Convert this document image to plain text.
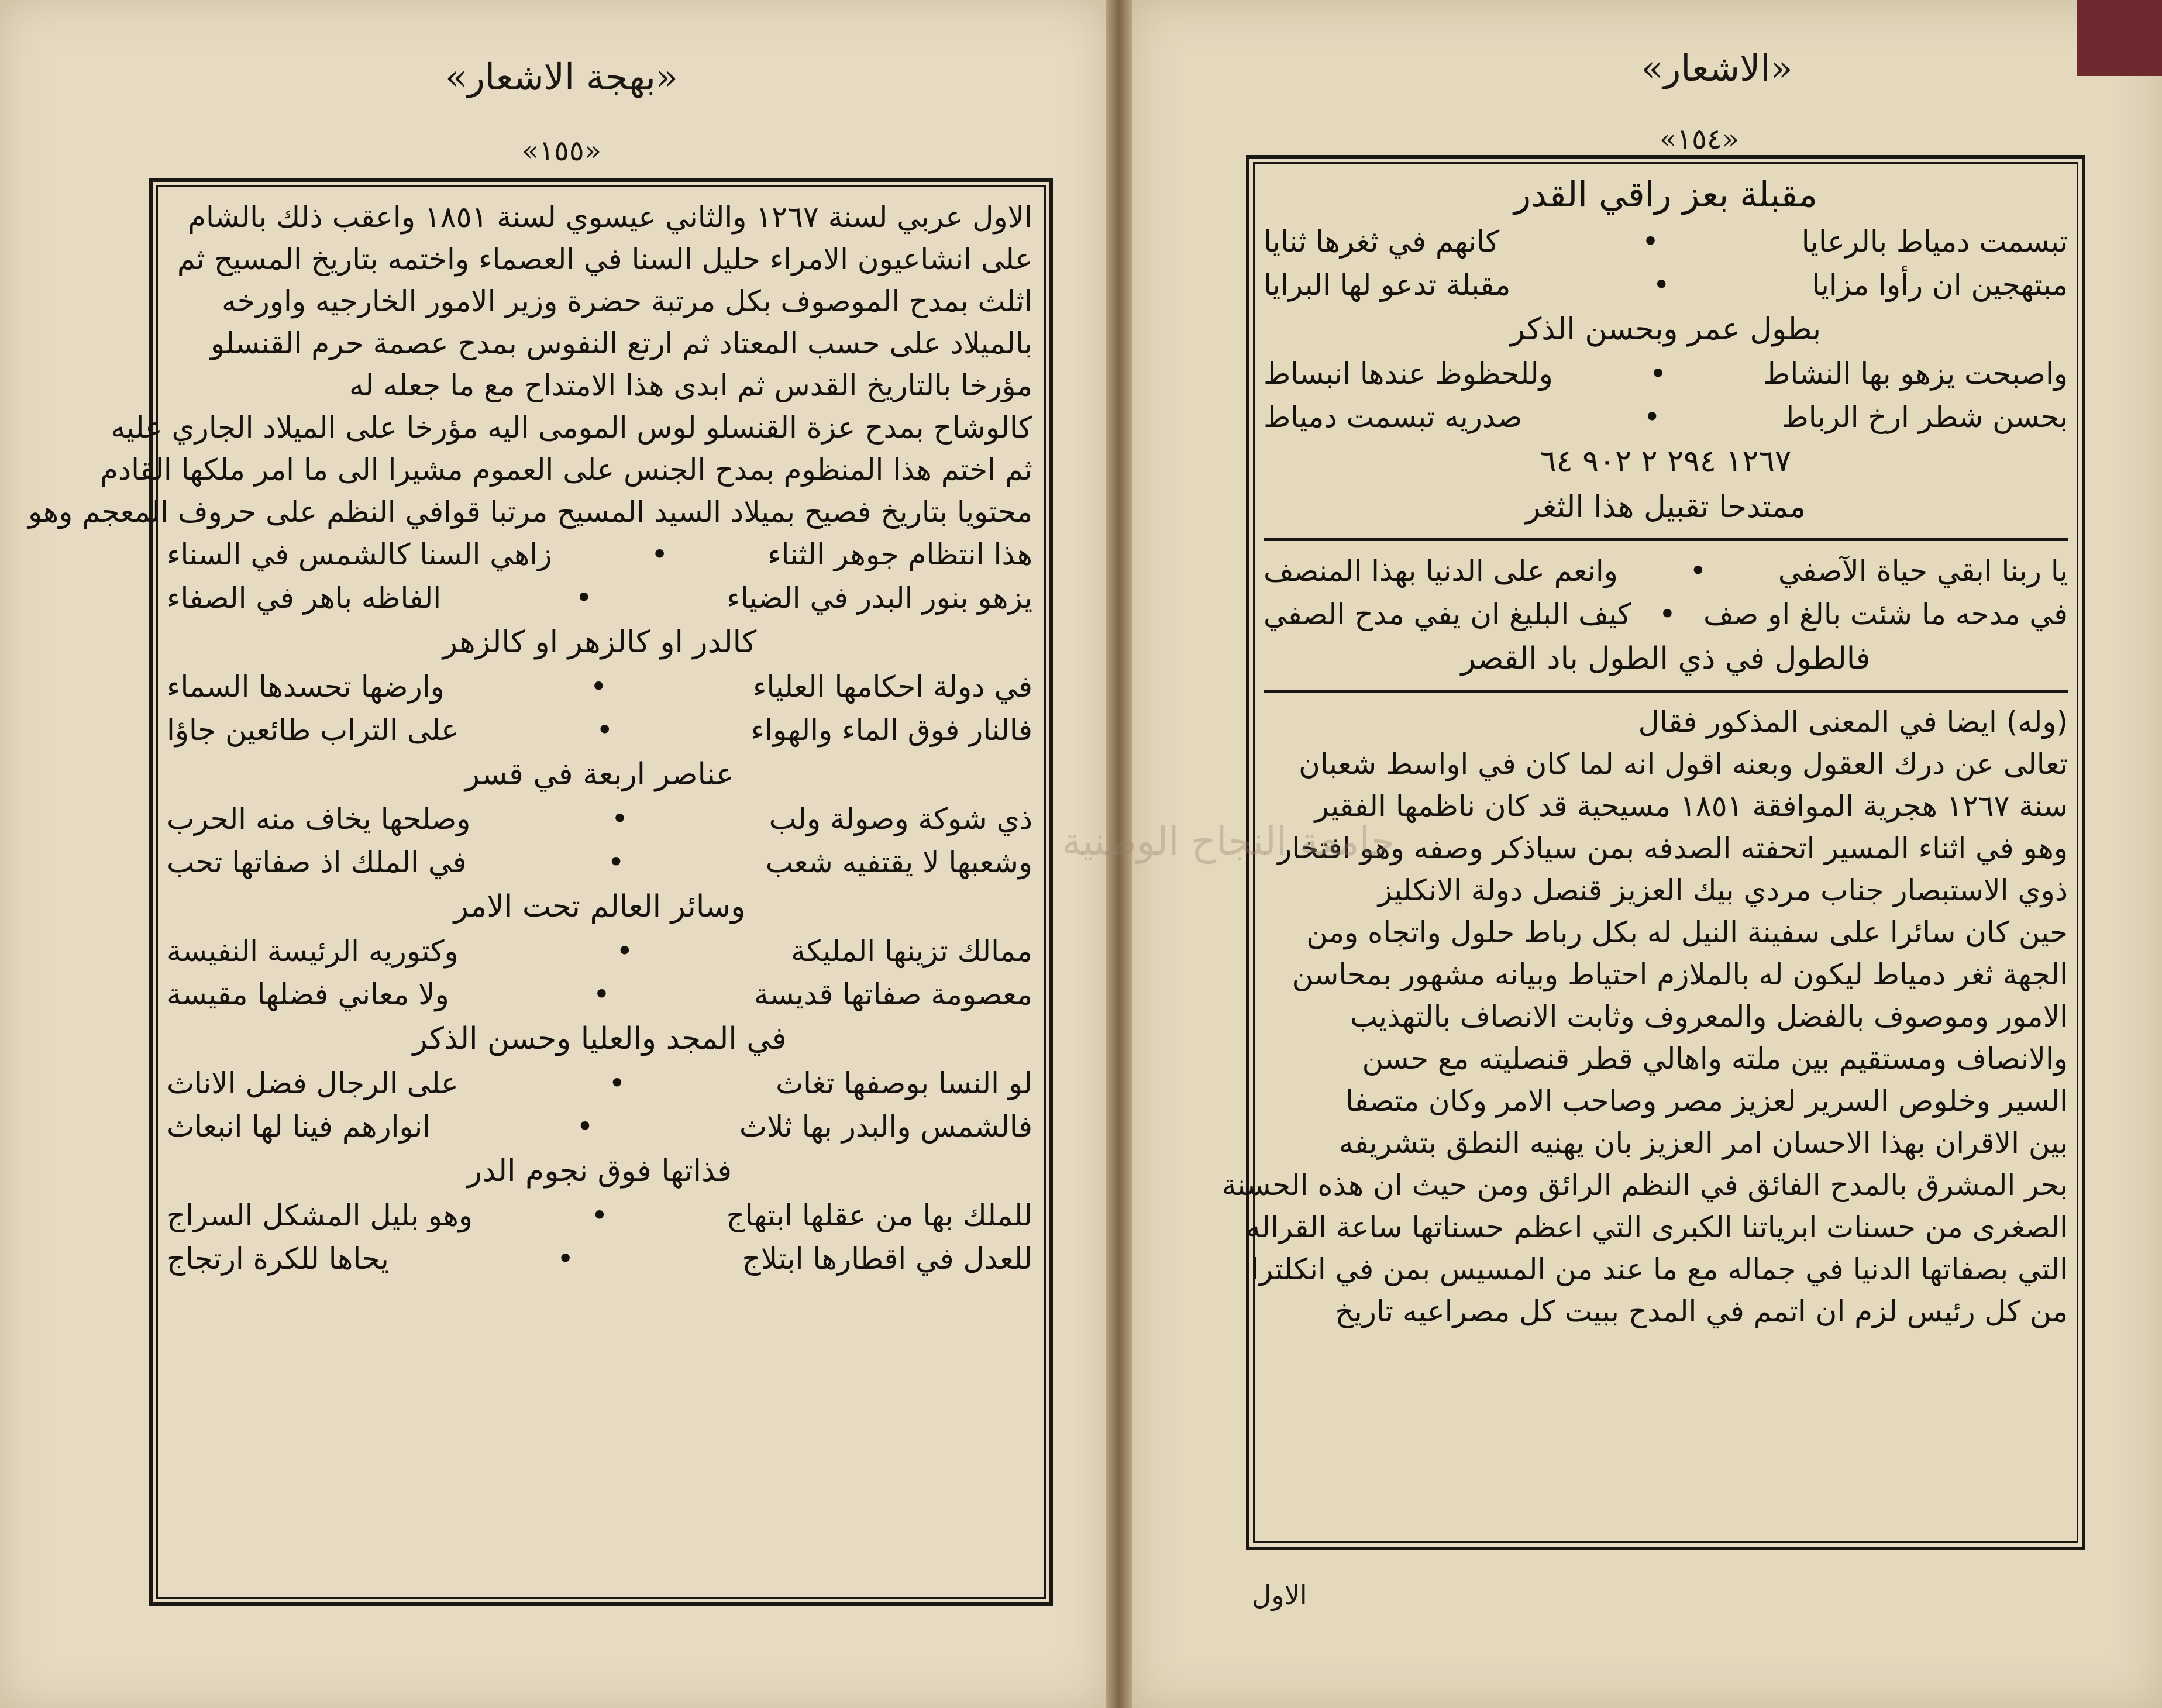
«بهجة الاشعار»
«١٥٥»
الاول عربي لسنة ١٢٦٧ والثاني عيسوي لسنة ١٨٥١ واعقب ذلك بالشام
على انشاعيون الامراء حليل السنا في العصماء واختمه بتاريخ المسيح ثم
اثلث بمدح الموصوف بكل مرتبة حضرة وزير الامور الخارجيه واورخه
بالميلاد على حسب المعتاد ثم ارتع النفوس بمدح عصمة حرم القنسلو
مؤرخا بالتاريخ القدس ثم ابدى هذا الامتداح مع ما جعله له
كالوشاح بمدح عزة القنسلو لوس المومى اليه مؤرخا على الميلاد الجاري عليه
ثم اختم هذا المنظوم بمدح الجنس على العموم مشيرا الى ما امر ملكها القادم
محتويا بتاريخ فصيح بميلاد السيد المسيح مرتبا قوافي النظم على حروف المعجم وهو
هذا انتظام جوهر الثناء
•
زاهي السنا كالشمس في السناء
يزهو بنور البدر في الضياء
•
الفاظه باهر في الصفاء
كالدر او كالزهر او كالزهر
في دولة احكامها العلياء
•
وارضها تحسدها السماء
فالنار فوق الماء والهواء
•
على التراب طائعين جاؤا
عناصر اربعة في قسر
ذي شوكة وصولة ولب
•
وصلحها يخاف منه الحرب
وشعبها لا يقتفيه شعب
•
في الملك اذ صفاتها تحب
وسائر العالم تحت الامر
ممالك تزينها المليكة
•
وكتوريه الرئيسة النفيسة
معصومة صفاتها قديسة
•
ولا معاني فضلها مقيسة
في المجد والعليا وحسن الذكر
لو النسا بوصفها تغاث
•
على الرجال فضل الاناث
فالشمس والبدر بها ثلاث
•
انوارهم فينا لها انبعاث
فذاتها فوق نجوم الدر
للملك بها من عقلها ابتهاج
•
وهو بليل المشكل السراج
للعدل في اقطارها ابتلاج
•
يحاها للكرة ارتجاج
«الاشعار»
«١٥٤»
مقبلة بعز راقي القدر
تبسمت دمياط بالرعايا
•
كانهم في ثغرها ثنايا
مبتهجين ان رأوا مزايا
•
مقبلة تدعو لها البرايا
بطول عمر وبحسن الذكر
واصبحت يزهو بها النشاط
•
وللحظوظ عندها انبساط
بحسن شطر ارخ الرباط
•
صدريه تبسمت دمياط
١٢٦٧ ٢٩٤ ٢ ٩٠٢ ٦٤
ممتدحا تقبيل هذا الثغر
يا ربنا ابقي حياة الآصفي
•
وانعم على الدنيا بهذا المنصف
في مدحه ما شئت بالغ او صف
•
كيف البليغ ان يفي مدح الصفي
فالطول في ذي الطول باد القصر
(وله) ايضا في المعنى المذكور فقال
تعالى عن درك العقول وبعنه اقول انه لما كان في اواسط شعبان
سنة ١٢٦٧ هجرية الموافقة ١٨٥١ مسيحية قد كان ناظمها الفقير
وهو في اثناء المسير اتحفته الصدفه بمن سياذكر وصفه وهو افتخار
ذوي الاستبصار جناب مردي بيك العزيز قنصل دولة الانكليز
حين كان سائرا على سفينة النيل له بكل رباط حلول واتجاه ومن
الجهة ثغر دمياط ليكون له بالملازم احتياط وبيانه مشهور بمحاسن
الامور وموصوف بالفضل والمعروف وثابت الانصاف بالتهذيب
والانصاف ومستقيم بين ملته واهالي قطر قنصليته مع حسن
السير وخلوص السرير لعزيز مصر وصاحب الامر وكان متصفا
بين الاقران بهذا الاحسان امر العزيز بان يهنيه النطق بتشريفه
بحر المشرق بالمدح الفائق في النظم الرائق ومن حيث ان هذه الحسنة
الصغرى من حسنات ابرياتنا الكبرى التي اعظم حسناتها ساعة القراله
التي بصفاتها الدنيا في جماله مع ما عند من المسيس بمن في انكلترا
من كل رئيس لزم ان اتمم في المدح ببيت كل مصراعيه تاريخ
الاول
جامعة النجاح الوطنية
